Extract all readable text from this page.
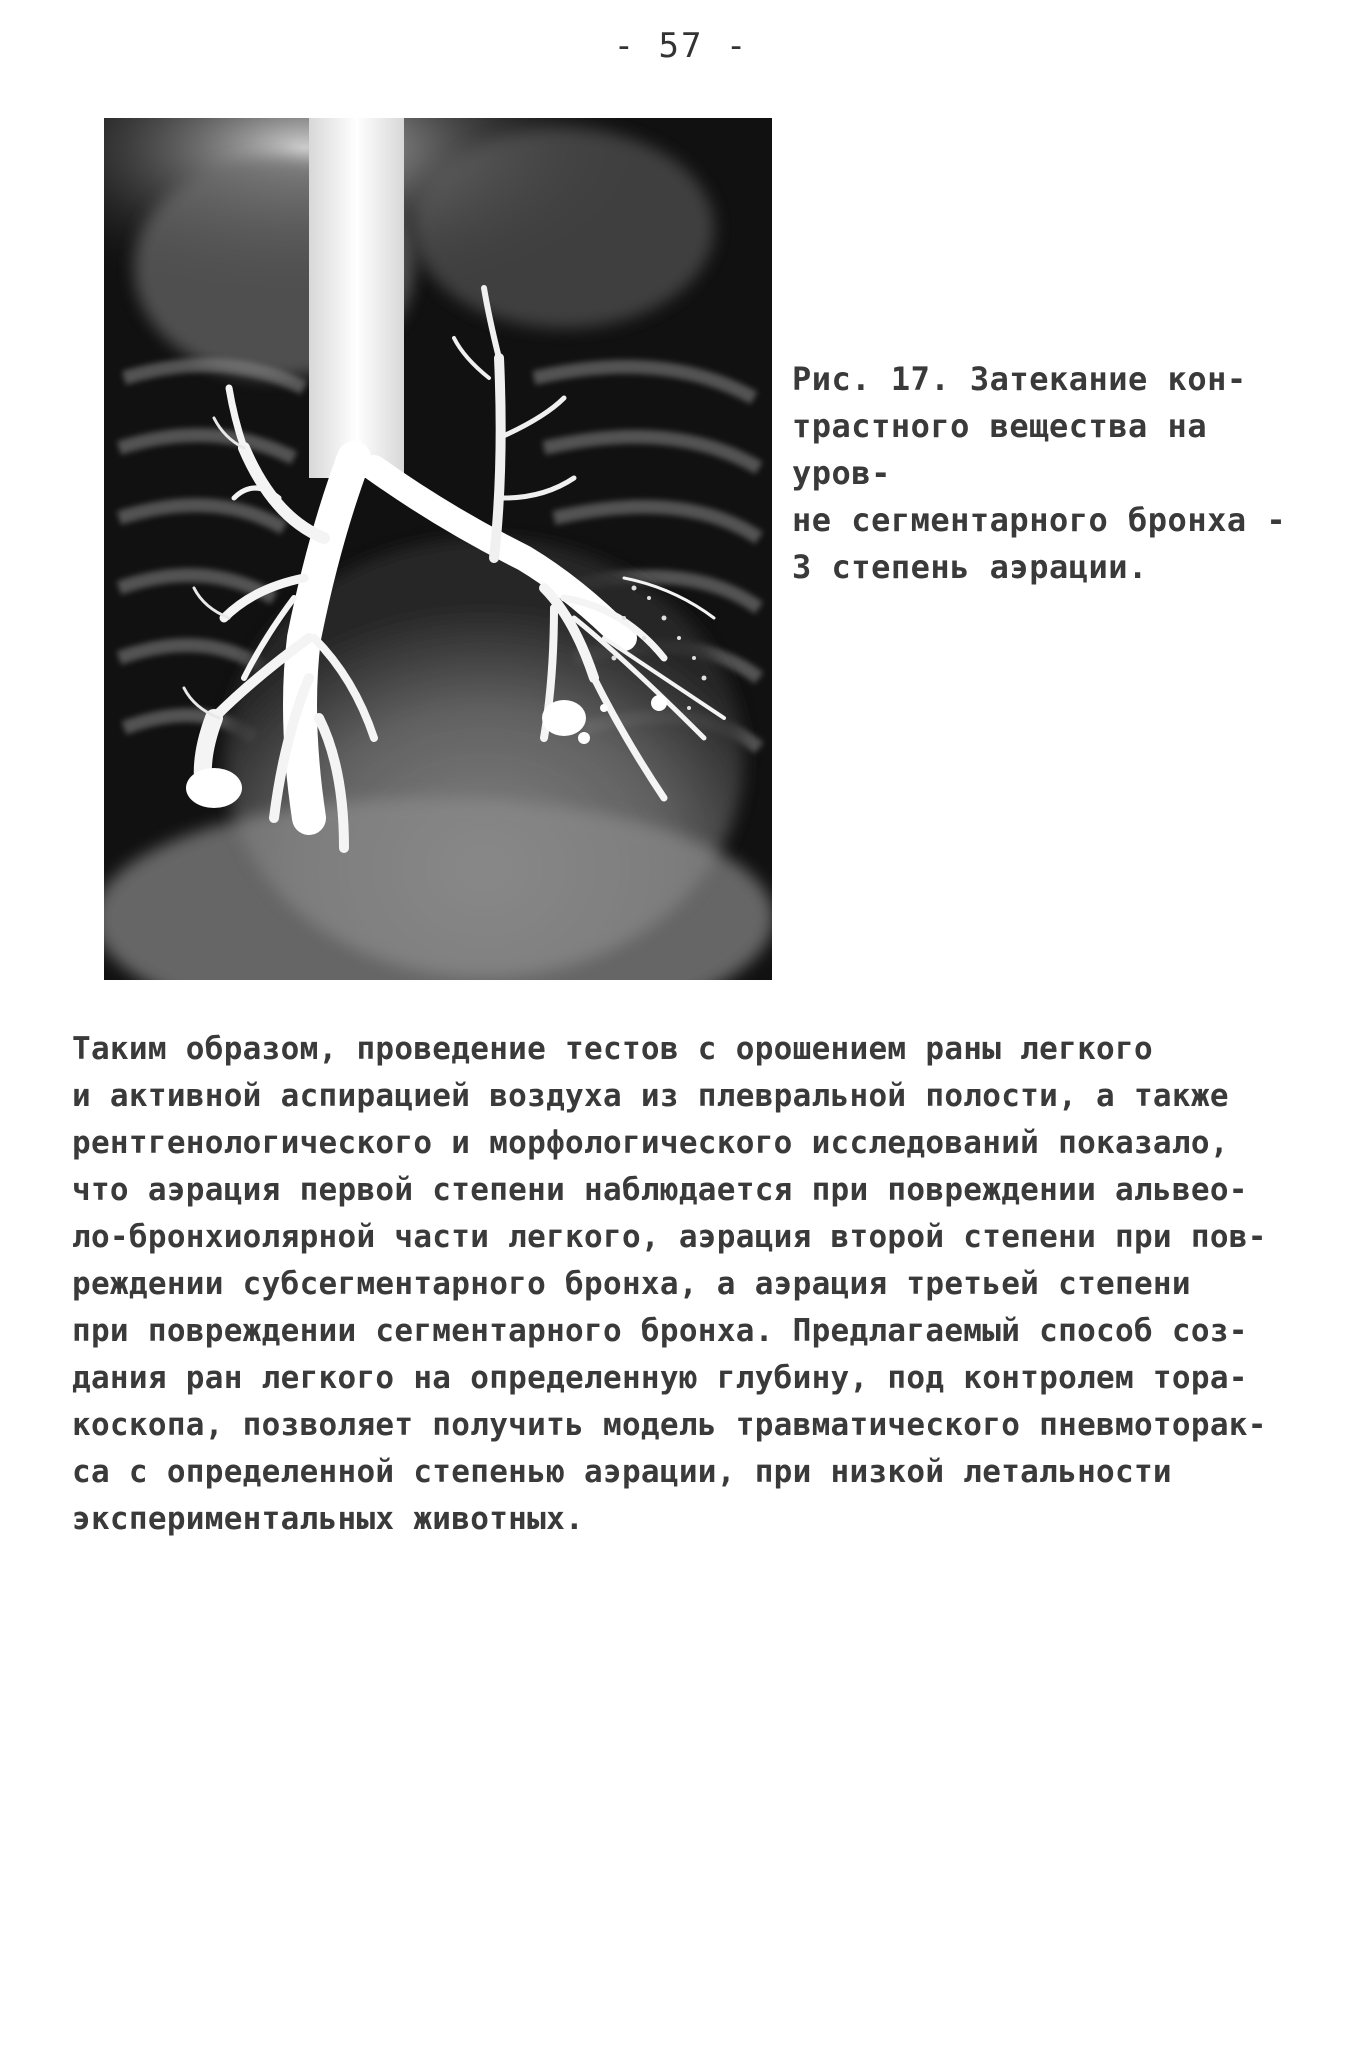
- 57 -
Рис. 17. Затекание кон-
трастного вещества на уров-
не сегментарного бронха -
3 степень аэрации.
Таким образом, проведение тестов с орошением раны легкого
и активной аспирацией воздуха из плевральной полости, а также
рентгенологического и морфологического исследований показало,
что аэрация первой степени наблюдается при повреждении альвео-
ло-бронхиолярной части легкого, аэрация второй степени при пов-
реждении субсегментарного бронха, а аэрация третьей степени
при повреждении сегментарного бронха. Предлагаемый способ соз-
дания ран легкого на определенную глубину, под контролем тора-
коскопа, позволяет получить модель травматического пневмоторак-
са с определенной степенью аэрации, при низкой летальности
экспериментальных животных.
